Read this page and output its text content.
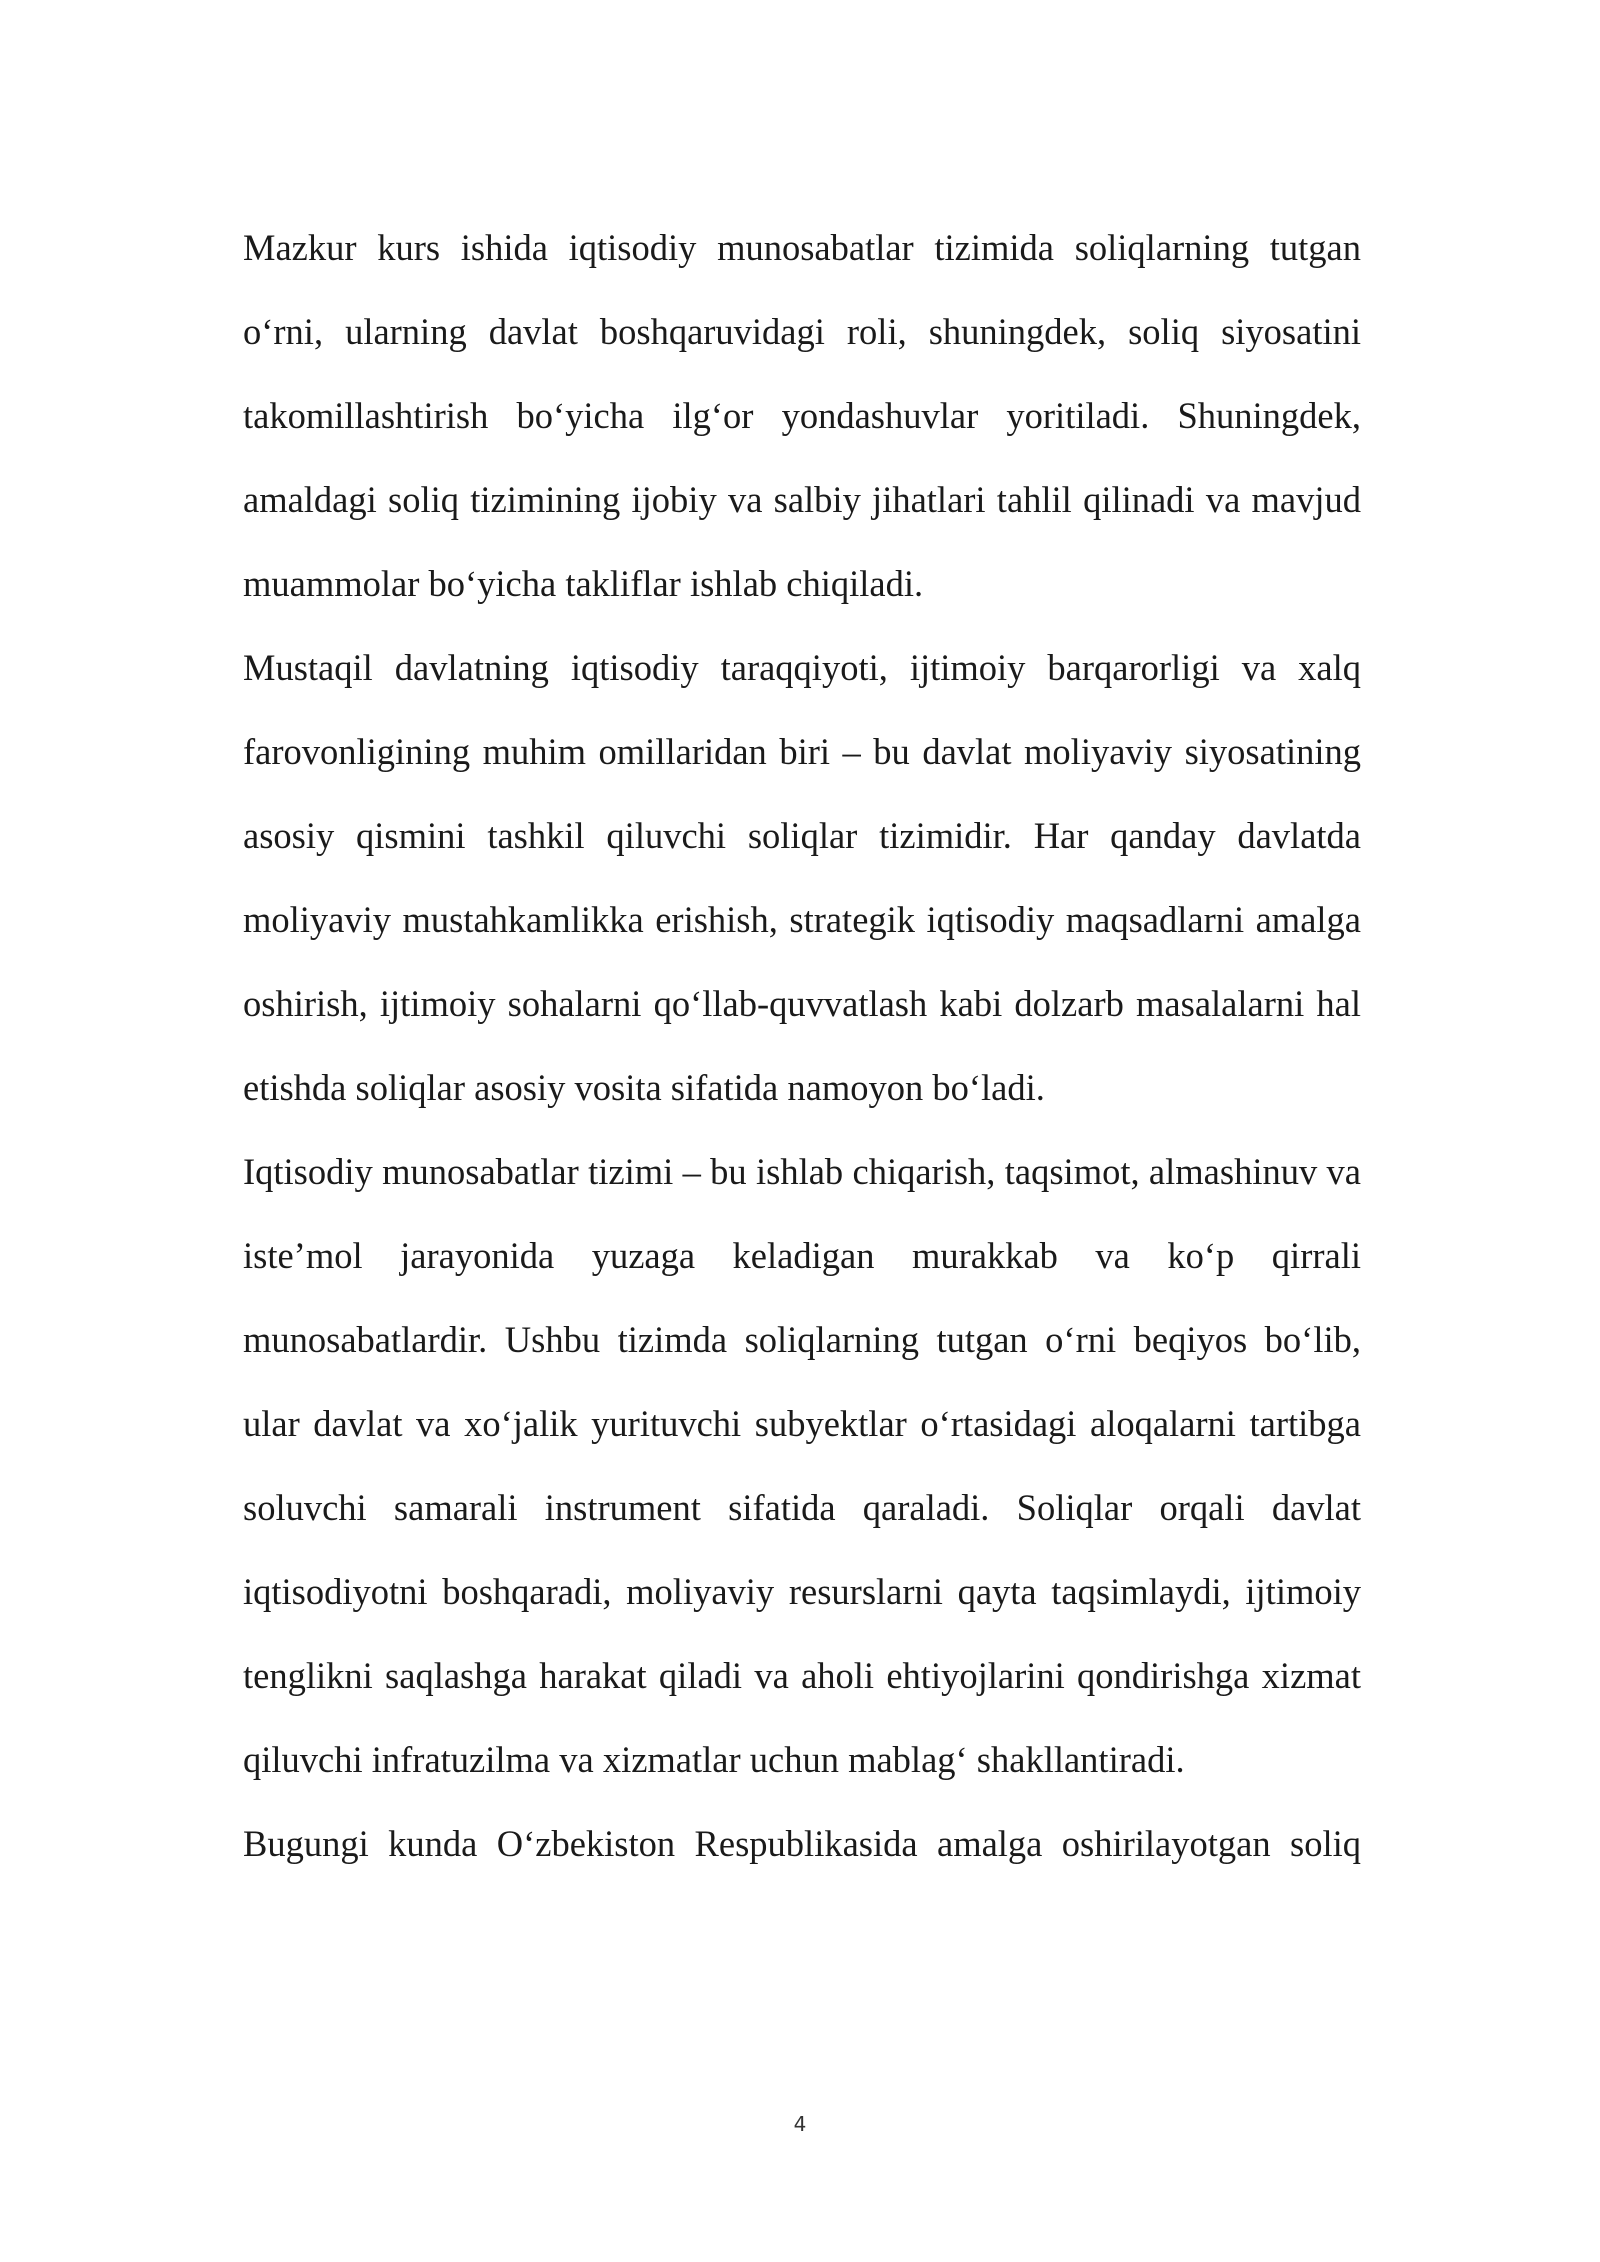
Mazkur kurs ishida iqtisodiy munosabatlar tizimida soliqlarning tutgan o‘rni, ularning davlat boshqaruvidagi roli, shuningdek, soliq siyosatini takomillashtirish bo‘yicha ilg‘or yondashuvlar yoritiladi. Shuningdek, amaldagi soliq tizimining ijobiy va salbiy jihatlari tahlil qilinadi va mavjud muammolar bo‘yicha takliflar ishlab chiqiladi.

Mustaqil davlatning iqtisodiy taraqqiyoti, ijtimoiy barqarorligi va xalq farovonligining muhim omillaridan biri – bu davlat moliyaviy siyosatining asosiy qismini tashkil qiluvchi soliqlar tizimidir. Har qanday davlatda moliyaviy mustahkamlikka erishish, strategik iqtisodiy maqsadlarni amalga oshirish, ijtimoiy sohalarni qo‘llab-quvvatlash kabi dolzarb masalalarni hal etishda soliqlar asosiy vosita sifatida namoyon bo‘ladi.

Iqtisodiy munosabatlar tizimi – bu ishlab chiqarish, taqsimot, almashinuv va iste’mol jarayonida yuzaga keladigan murakkab va ko‘p qirrali munosabatlardir. Ushbu tizimda soliqlarning tutgan o‘rni beqiyos bo‘lib, ular davlat va xo‘jalik yurituvchi subyektlar o‘rtasidagi aloqalarni tartibga soluvchi samarali instrument sifatida qaraladi. Soliqlar orqali davlat iqtisodiyotni boshqaradi, moliyaviy resurslarni qayta taqsimlaydi, ijtimoiy tenglikni saqlashga harakat qiladi va aholi ehtiyojlarini qondirishga xizmat qiluvchi infratuzilma va xizmatlar uchun mablag‘ shakllantiradi.

Bugungi kunda O‘zbekiston Respublikasida amalga oshirilayotgan soliq

4
